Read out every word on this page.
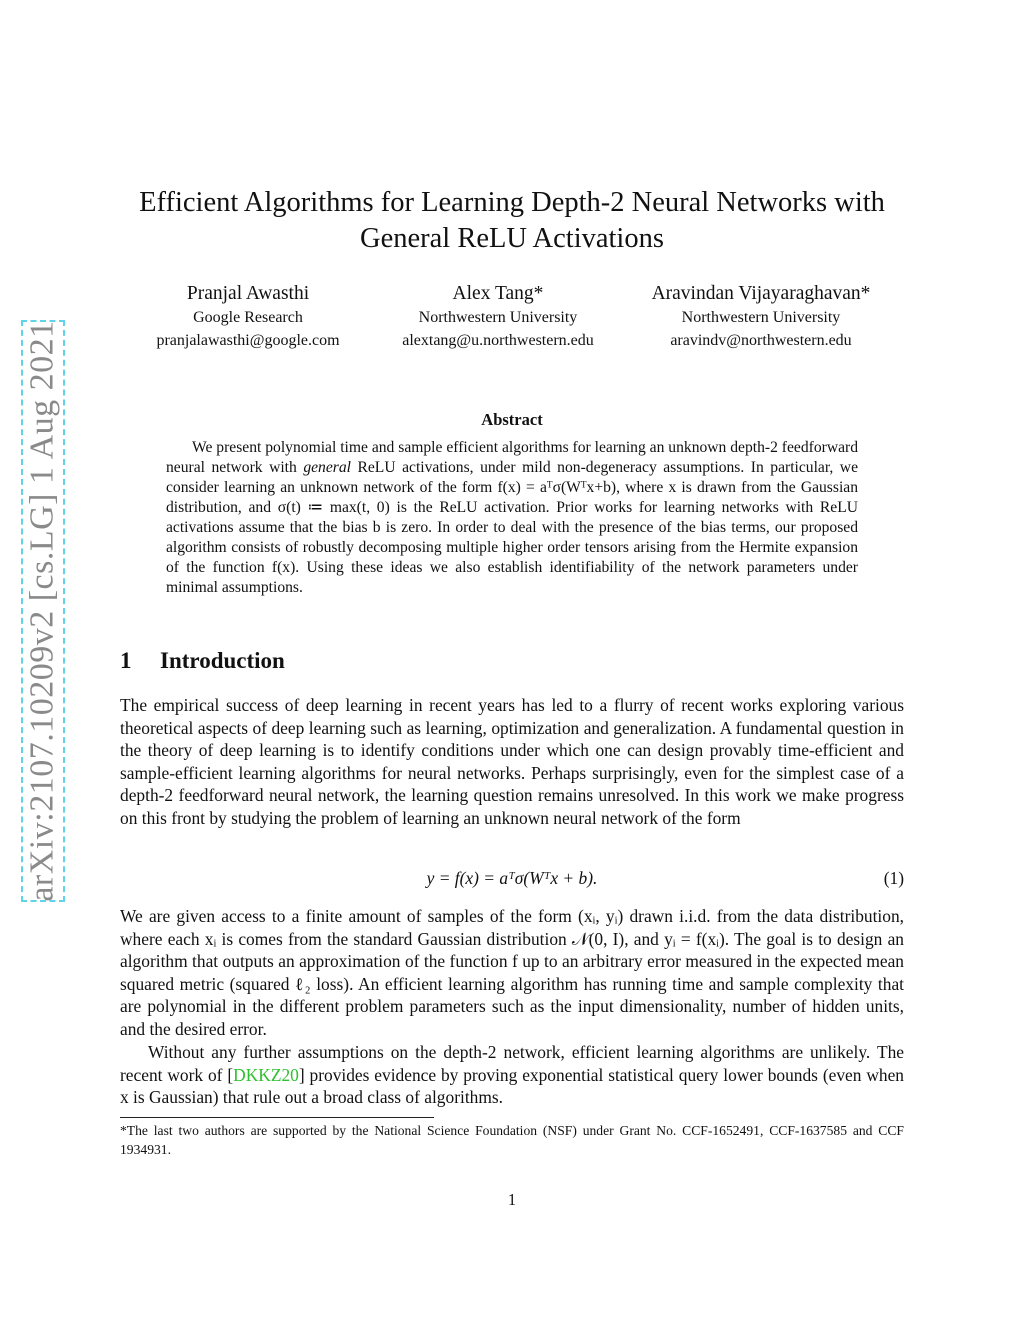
arXiv:2107.10209v2 [cs.LG] 1 Aug 2021
Efficient Algorithms for Learning Depth-2 Neural Networks with
General ReLU Activations
Pranjal Awasthi
Google Research
pranjalawasthi@google.com
Alex Tang*
Northwestern University
alextang@u.northwestern.edu
Aravindan Vijayaraghavan*
Northwestern University
aravindv@northwestern.edu
Abstract
We present polynomial time and sample efficient algorithms for learning an unknown depth-2 feedforward neural network with general ReLU activations, under mild non-degeneracy assumptions. In particular, we consider learning an unknown network of the form f(x) = aᵀσ(Wᵀx+b), where x is drawn from the Gaussian distribution, and σ(t) ≔ max(t, 0) is the ReLU activation. Prior works for learning networks with ReLU activations assume that the bias b is zero. In order to deal with the presence of the bias terms, our proposed algorithm consists of robustly decomposing multiple higher order tensors arising from the Hermite expansion of the function f(x). Using these ideas we also establish identifiability of the network parameters under minimal assumptions.
1 Introduction
The empirical success of deep learning in recent years has led to a flurry of recent works exploring various theoretical aspects of deep learning such as learning, optimization and generalization. A fundamental question in the theory of deep learning is to identify conditions under which one can design provably time-efficient and sample-efficient learning algorithms for neural networks. Perhaps surprisingly, even for the simplest case of a depth-2 feedforward neural network, the learning question remains unresolved. In this work we make progress on this front by studying the problem of learning an unknown neural network of the form
y = f(x) = aᵀσ(Wᵀx + b).	(1)
We are given access to a finite amount of samples of the form (xᵢ, yᵢ) drawn i.i.d. from the data distribution, where each xᵢ is comes from the standard Gaussian distribution 𝒩(0, I), and yᵢ = f(xᵢ). The goal is to design an algorithm that outputs an approximation of the function f up to an arbitrary error measured in the expected mean squared metric (squared ℓ₂ loss). An efficient learning algorithm has running time and sample complexity that are polynomial in the different problem parameters such as the input dimensionality, number of hidden units, and the desired error.
Without any further assumptions on the depth-2 network, efficient learning algorithms are unlikely. The recent work of [DKKZ20] provides evidence by proving exponential statistical query lower bounds (even when x is Gaussian) that rule out a broad class of algorithms.
*The last two authors are supported by the National Science Foundation (NSF) under Grant No. CCF-1652491, CCF-1637585 and CCF 1934931.
1
